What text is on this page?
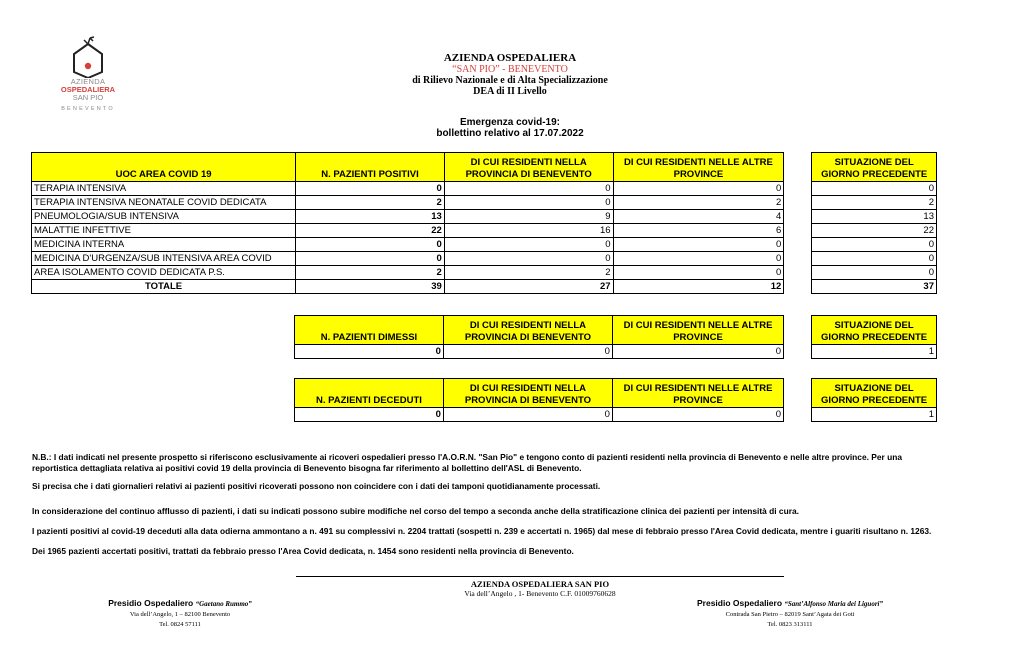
AZIENDA
OSPEDALIERA
SAN PIO
BENEVENTO
AZIENDA OSPEDALIERA
“SAN PIO” - BENEVENTO
di Rilievo Nazionale e di Alta Specializzazione
DEA di II Livello
Emergenza covid-19:
bollettino relativo al 17.07.2022
UOC AREA COVID 19	N. PAZIENTI POSITIVI	DI CUI RESIDENTI NELLA PROVINCIA DI BENEVENTO	DI CUI RESIDENTI NELLE ALTRE PROVINCE		SITUAZIONE DEL GIORNO PRECEDENTE
TERAPIA INTENSIVA	0	0	0		0
TERAPIA INTENSIVA NEONATALE COVID DEDICATA	2	0	2		2
PNEUMOLOGIA/SUB INTENSIVA	13	9	4		13
MALATTIE INFETTIVE	22	16	6		22
MEDICINA INTERNA	0	0	0		0
MEDICINA D'URGENZA/SUB INTENSIVA AREA COVID	0	0	0		0
AREA ISOLAMENTO COVID DEDICATA P.S.	2	2	0		0
TOTALE	39	27	12		37
N. PAZIENTI DIMESSI	DI CUI RESIDENTI NELLA PROVINCIA DI BENEVENTO	DI CUI RESIDENTI NELLE ALTRE PROVINCE		SITUAZIONE DEL GIORNO PRECEDENTE
0	0	0		1
N. PAZIENTI DECEDUTI	DI CUI RESIDENTI NELLA PROVINCIA DI BENEVENTO	DI CUI RESIDENTI NELLE ALTRE PROVINCE		SITUAZIONE DEL GIORNO PRECEDENTE
0	0	0		1

N.B.: I dati indicati nel presente prospetto si riferiscono esclusivamente ai ricoveri ospedalieri presso l'A.O.R.N. "San Pio" e tengono conto di pazienti residenti nella provincia di Benevento e nelle altre province. Per una reportistica dettagliata relativa ai positivi covid 19 della provincia di Benevento bisogna far riferimento al bollettino dell'ASL di Benevento.

Si precisa che i dati giornalieri relativi ai pazienti positivi ricoverati possono non coincidere con i dati dei tamponi quotidianamente processati.

In considerazione del continuo afflusso di pazienti, i dati su indicati possono subire modifiche nel corso del tempo a seconda anche della stratificazione clinica dei pazienti per intensità di cura.

I pazienti positivi al covid-19 deceduti alla data odierna ammontano a n. 491 su complessivi n. 2204 trattati (sospetti n. 239 e accertati n. 1965) dal mese di febbraio presso l'Area Covid dedicata, mentre i guariti risultano n. 1263.

Dei 1965 pazienti accertati positivi, trattati da febbraio presso l'Area Covid dedicata, n. 1454 sono residenti nella provincia di Benevento.

AZIENDA OSPEDALIERA SAN PIO
Via dell’Angelo , 1- Benevento C.F. 01009760628
Presidio Ospedaliero “Gaetano Rummo”
Via dell’Angelo, 1 – 82100 Benevento
Tel. 0824 57111
Presidio Ospedaliero “Sant’Alfonso Maria dei Liguori”
Contrada San Pietro – 82019 Sant’Agata dei Goti
Tel. 0823 313111
